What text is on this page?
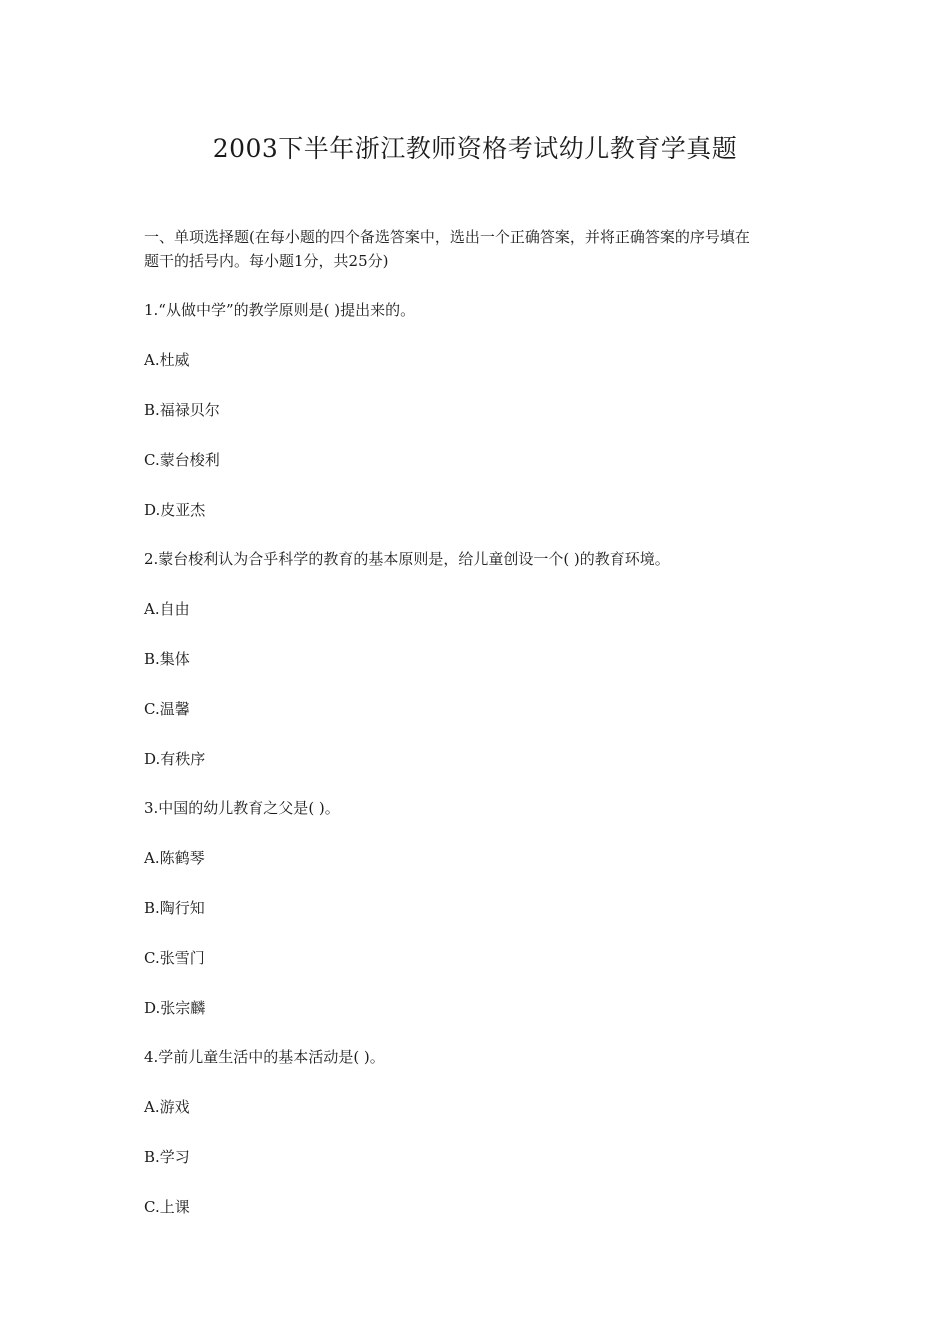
2003下半年浙江教师资格考试幼儿教育学真题
一、单项选择题(在每小题的四个备选答案中，选出一个正确答案，并将正确答案的序号填在
题干的括号内。每小题1分，共25分)
1.“从做中学”的教学原则是( )提出来的。
A.杜威
B.福禄贝尔
C.蒙台梭利
D.皮亚杰
2.蒙台梭利认为合乎科学的教育的基本原则是，给儿童创设一个( )的教育环境。
A.自由
B.集体
C.温馨
D.有秩序
3.中国的幼儿教育之父是( )。
A.陈鹤琴
B.陶行知
C.张雪门
D.张宗麟
4.学前儿童生活中的基本活动是( )。
A.游戏
B.学习
C.上课
